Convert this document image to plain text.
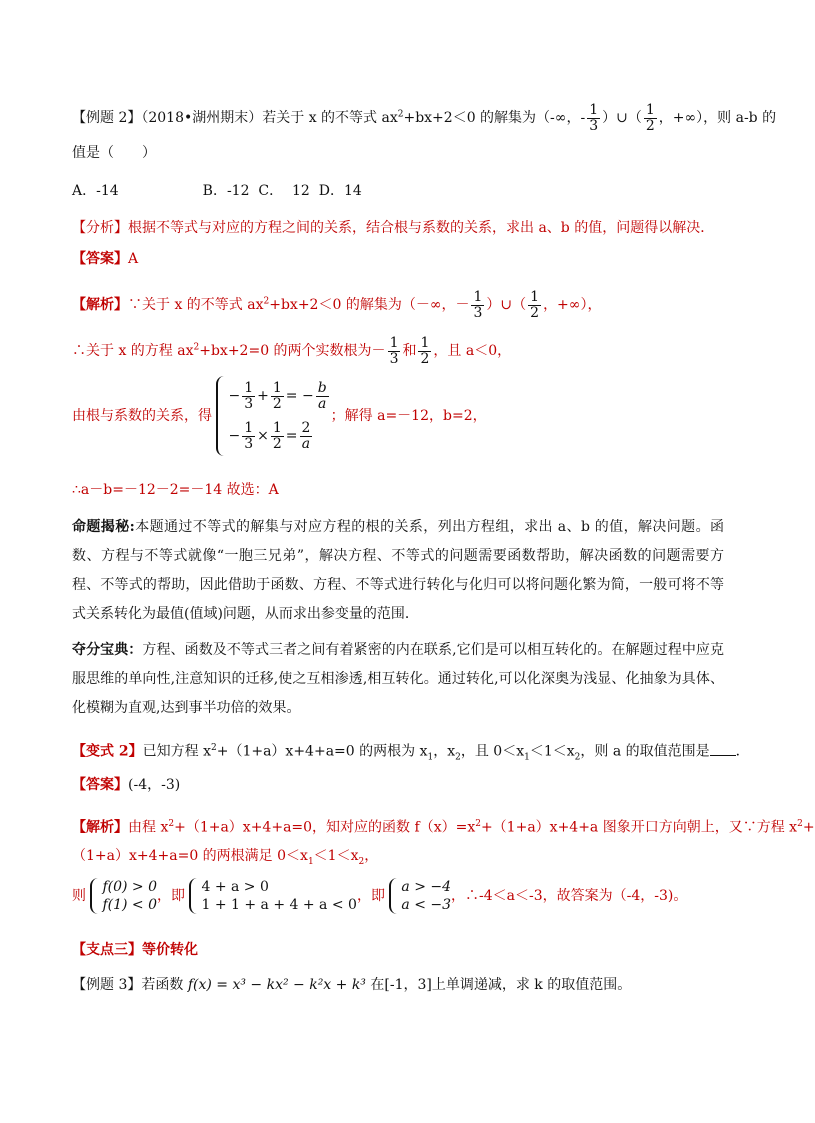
【例题 2】（2018•湖州期末）若关于 x 的不等式 $ax^2+bx+2<0$ 的解集为（-∞，- $\frac{1}{3}$ ）∪（ $\frac{1}{2}$ ，+∞），则 a-b 的
值是（　　）
A．-14　　　　　　B．-12  C．  12  D．14
【分析】根据不等式与对应的方程之间的关系，结合根与系数的关系，求出 a、b 的值，问题得以解决．
【答案】A
【解析】∵关于 x 的不等式 $ax^2+bx+2<0$ 的解集为（－∞，－ $\frac{1}{3}$ ）∪（ $\frac{1}{2}$ ，+∞），
∴关于 x 的方程 $ax^2+bx+2=0$ 的两个实数根为－ $\frac{1}{3}$ 和 $\frac{1}{2}$ ，且 a＜0，
由根与系数的关系，得
− $\frac{1}{3} + \frac{1}{2}$ = − $\frac{b}{a}$
− $\frac{1}{3} \times \frac{1}{2} = \frac{2}{a}$
；解得 a=－12，b=2，
∴a－b=－12－2=－14 故选：A
命题揭秘:本题通过不等式的解集与对应方程的根的关系，列出方程组，求出 a、b 的值，解决问题。函数、方程与不等式就像“一胞三兄弟”，解决方程、不等式的问题需要函数帮助，解决函数的问题需要方程、不等式的帮助，因此借助于函数、方程、不等式进行转化与化归可以将问题化繁为简，一般可将不等式关系转化为最值(值域)问题，从而求出参变量的范围．
夺分宝典：方程、函数及不等式三者之间有着紧密的内在联系,它们是可以相互转化的。在解题过程中应克服思维的单向性,注意知识的迁移,使之互相渗透,相互转化。通过转化,可以化深奥为浅显、化抽象为具体、化模糊为直观,达到事半功倍的效果。
【变式 2】已知方程 $x^2+(1+a)x+4+a=0$ 的两根为 $x_1$，$x_2$，且 $0<x_1<1<x_2$，则 a 的取值范围是 ．
【答案】(-4，-3)
【解析】由程 $x^2+(1+a)x+4+a=0$，知对应的函数 $f(x)=x^2+(1+a)x+4+a$ 图象开口方向朝上，又∵方程 $x^2+$
（1+a）x+4+a=0 的两根满足 $0<x_1<1<x_2$，
则
f(0) > 0
f(1) < 0
，即
4 + a > 0
1 + 1 + a + 4 + a < 0
，即
a > −4
a < −3
，∴-4＜a＜-3，故答案为（-4，-3)。
【支点三】等价转化
【例题 3】若函数 f(x) = x³ − kx² − k²x + k³ 在[-1，3]上单调递减，求 k 的取值范围。
